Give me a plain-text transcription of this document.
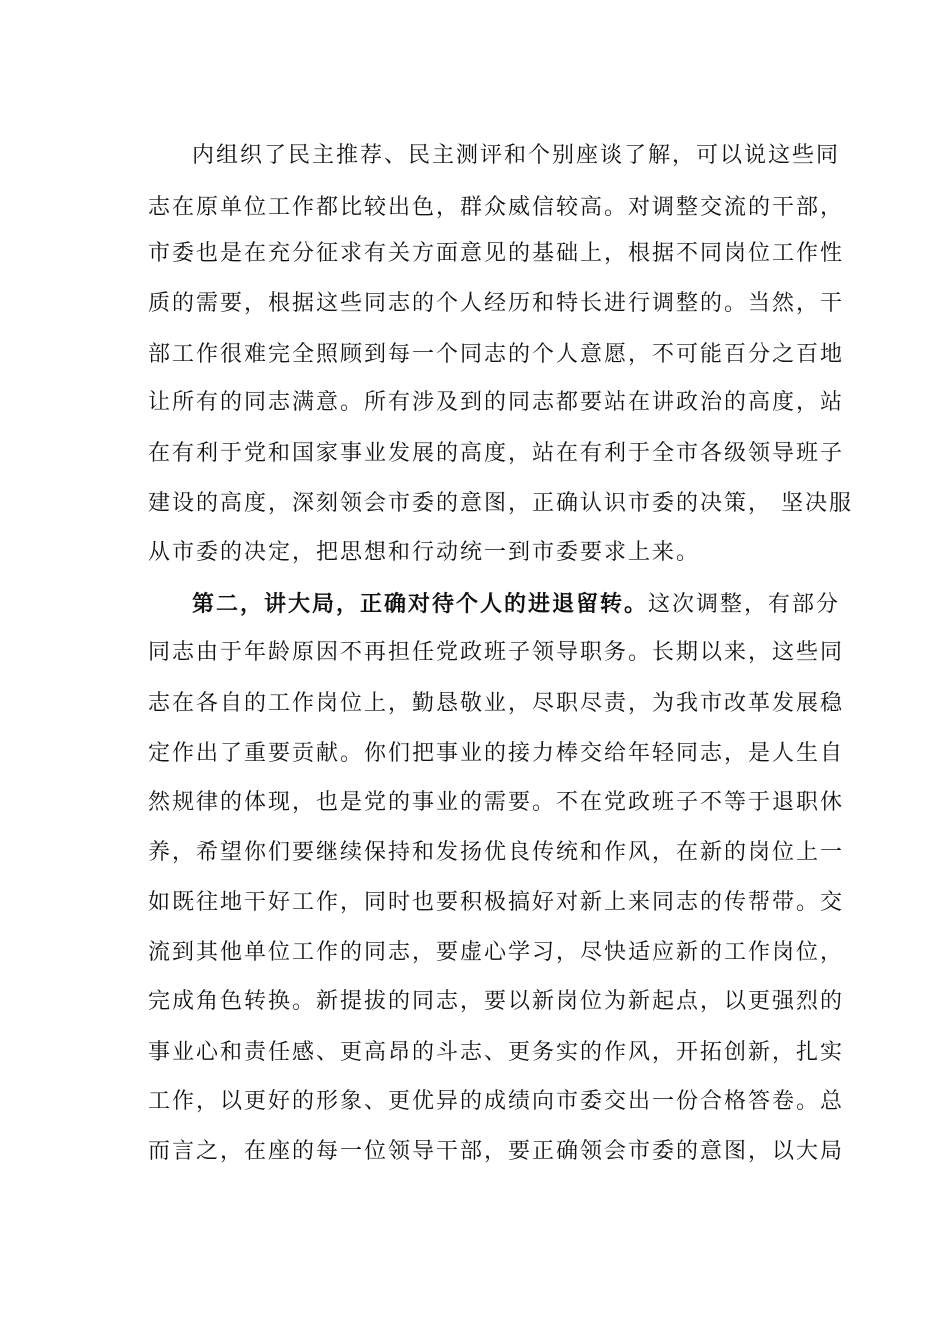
内组织了民主推荐、民主测评和个别座谈了解，可以说这些同
志在原单位工作都比较出色，群众威信较高。对调整交流的干部，
市委也是在充分征求有关方面意见的基础上，根据不同岗位工作性
质的需要，根据这些同志的个人经历和特长进行调整的。当然，干
部工作很难完全照顾到每一个同志的个人意愿，不可能百分之百地
让所有的同志满意。所有涉及到的同志都要站在讲政治的高度，站
在有利于党和国家事业发展的高度，站在有利于全市各级领导班子
建设的高度，深刻领会市委的意图，正确认识市委的决策， 坚决服
从市委的决定，把思想和行动统一到市委要求上来。
第二，讲大局，正确对待个人的进退留转。这次调整，有部分
同志由于年龄原因不再担任党政班子领导职务。长期以来，这些同
志在各自的工作岗位上，勤恳敬业，尽职尽责，为我市改革发展稳
定作出了重要贡献。你们把事业的接力棒交给年轻同志，是人生自
然规律的体现，也是党的事业的需要。不在党政班子不等于退职休
养，希望你们要继续保持和发扬优良传统和作风，在新的岗位上一
如既往地干好工作，同时也要积极搞好对新上来同志的传帮带。交
流到其他单位工作的同志，要虚心学习，尽快适应新的工作岗位，
完成角色转换。新提拔的同志，要以新岗位为新起点，以更强烈的
事业心和责任感、更高昂的斗志、更务实的作风，开拓创新，扎实
工作，以更好的形象、更优异的成绩向市委交出一份合格答卷。总
而言之，在座的每一位领导干部，要正确领会市委的意图，以大局
